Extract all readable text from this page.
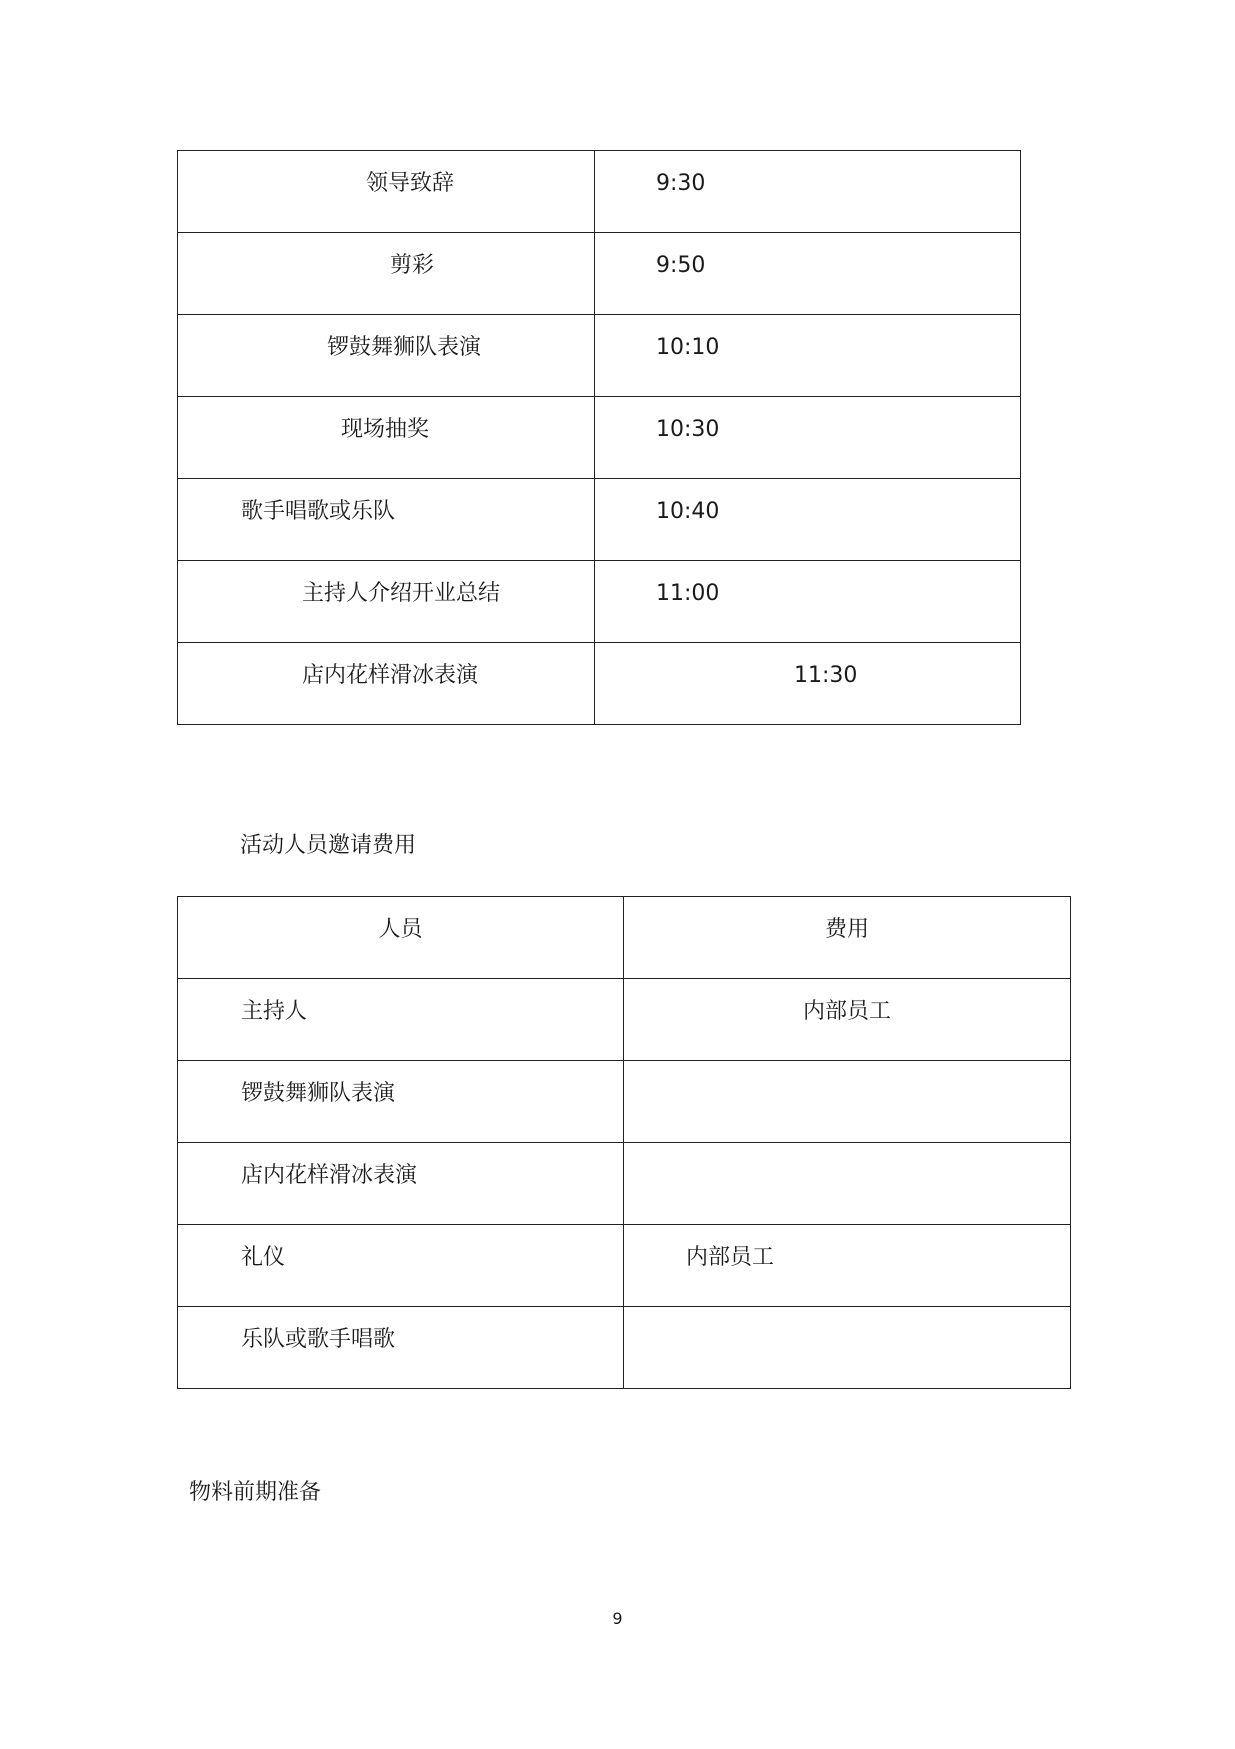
领导致辞	9:30

剪彩	9:50

锣鼓舞狮队表演	10:10

现场抽奖	10:30

歌手唱歌或乐队	10:40

主持人介绍开业总结	11:00

店内花样滑冰表演	11:30
活动人员邀请费用
人员	费用

主持人	内部员工

锣鼓舞狮队表演	

店内花样滑冰表演	

礼仪	内部员工

乐队或歌手唱歌	

物料前期准备
9
